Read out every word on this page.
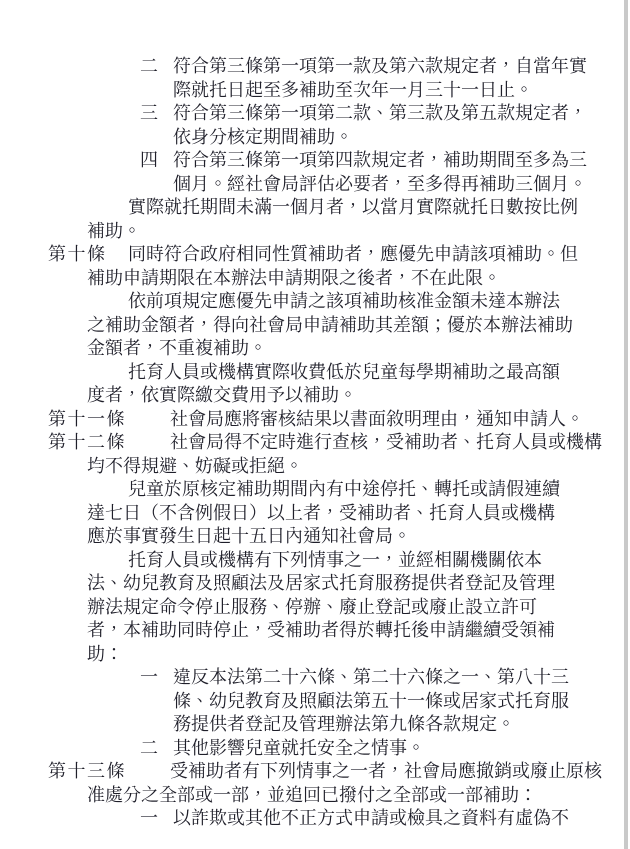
二 符合第三條第一項第一款及第六款規定者，自當年實
際就托日起至多補助至次年一月三十一日止。
三 符合第三條第一項第二款、第三款及第五款規定者，
依身分核定期間補助。
四 符合第三條第一項第四款規定者，補助期間至多為三
個月。經社會局評估必要者，至多得再補助三個月。
實際就托期間未滿一個月者，以當月實際就托日數按比例
補助。
第十條 同時符合政府相同性質補助者，應優先申請該項補助。但
補助申請期限在本辦法申請期限之後者，不在此限。
依前項規定應優先申請之該項補助核准金額未達本辦法
之補助金額者，得向社會局申請補助其差額；優於本辦法補助
金額者，不重複補助。
托育人員或機構實際收費低於兒童每學期補助之最高額
度者，依實際繳交費用予以補助。
第十一條 社會局應將審核結果以書面敘明理由，通知申請人。
第十二條 社會局得不定時進行查核，受補助者、托育人員或機構
均不得規避、妨礙或拒絕。
兒童於原核定補助期間內有中途停托、轉托或請假連續
達七日（不含例假日）以上者，受補助者、托育人員或機構
應於事實發生日起十五日內通知社會局。
托育人員或機構有下列情事之一，並經相關機關依本
法、幼兒教育及照顧法及居家式托育服務提供者登記及管理
辦法規定命令停止服務、停辦、廢止登記或廢止設立許可
者，本補助同時停止，受補助者得於轉托後申請繼續受領補
助：
一 違反本法第二十六條、第二十六條之一、第八十三
條、幼兒教育及照顧法第五十一條或居家式托育服
務提供者登記及管理辦法第九條各款規定。
二 其他影響兒童就托安全之情事。
第十三條 受補助者有下列情事之一者，社會局應撤銷或廢止原核
准處分之全部或一部，並追回已撥付之全部或一部補助：
一 以詐欺或其他不正方式申請或檢具之資料有虛偽不
